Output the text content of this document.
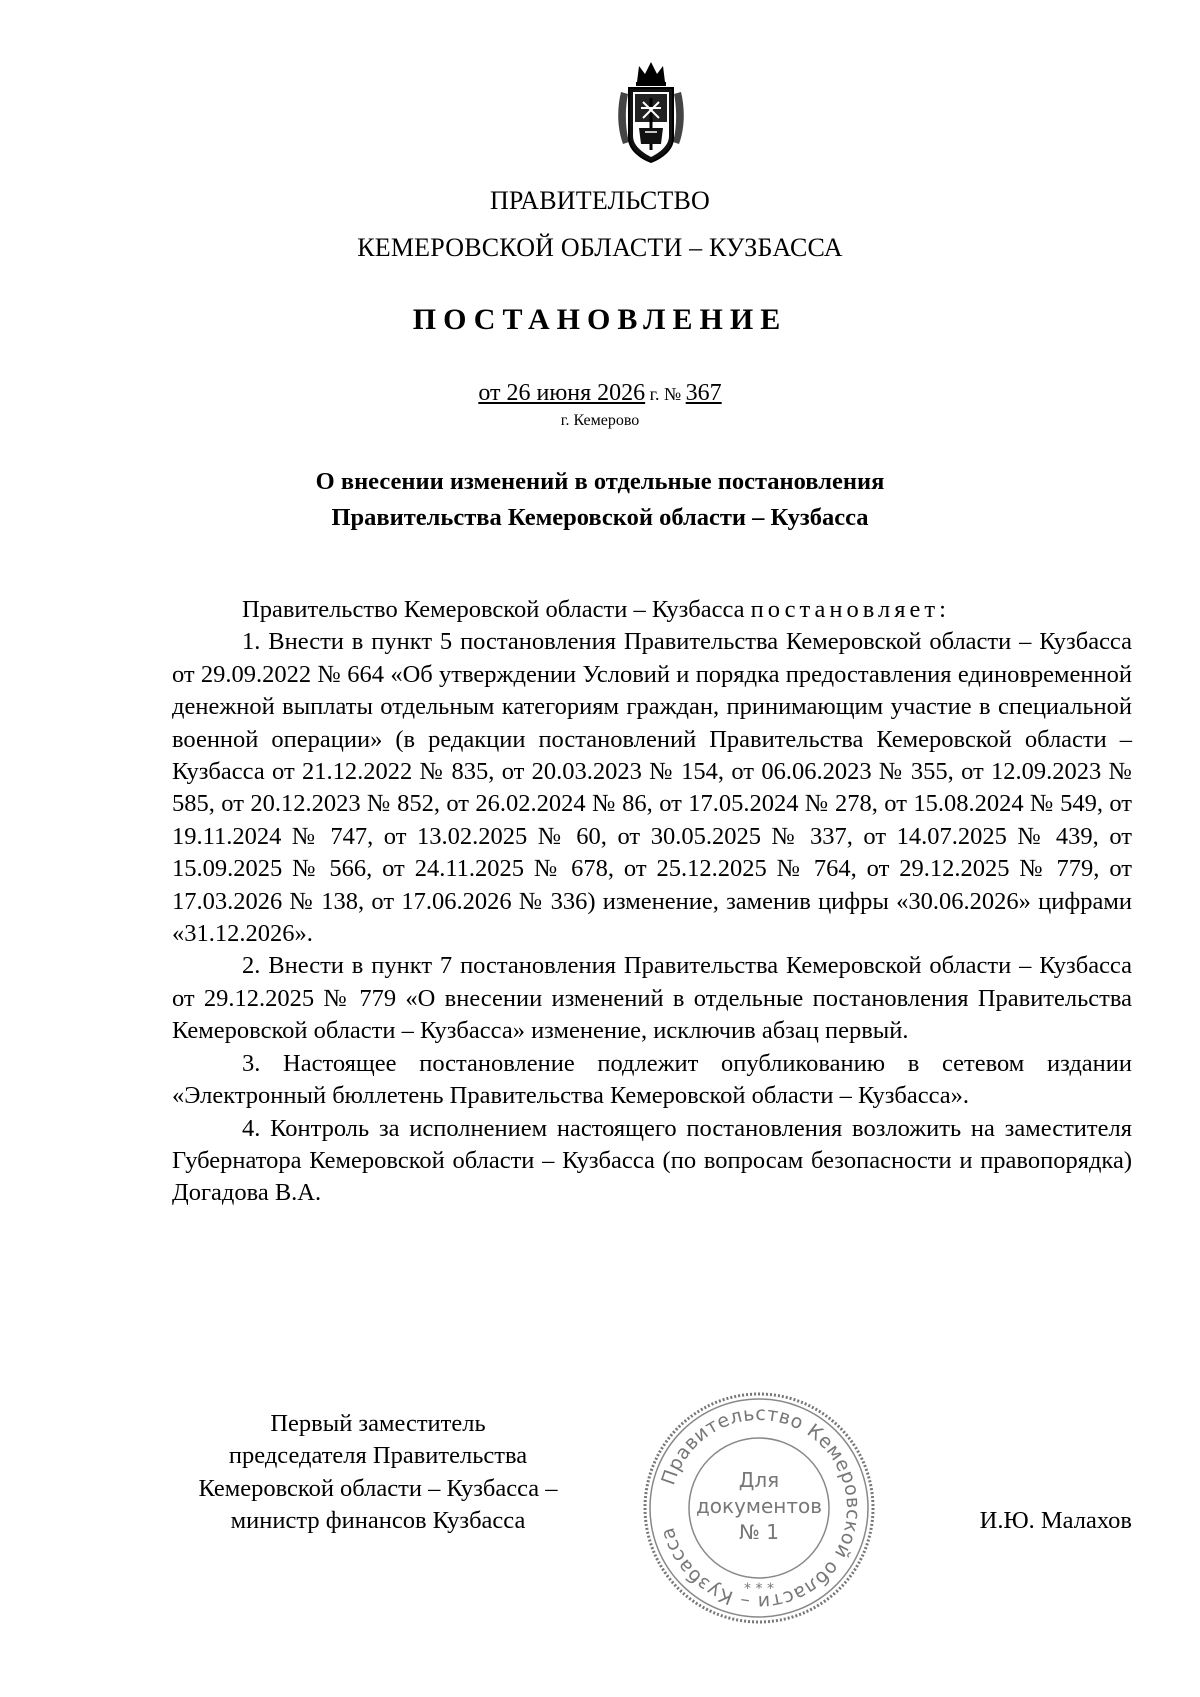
ПРАВИТЕЛЬСТВО
КЕМЕРОВСКОЙ ОБЛАСТИ – КУЗБАССА
ПОСТАНОВЛЕНИЕ
от 26 июня 2026 г. № 367
г. Кемерово
О внесении изменений в отдельные постановления
Правительства Кемеровской области – Кузбасса

Правительство Кемеровской области – Кузбасса постановляет:

1. Внести в пункт 5 постановления Правительства Кемеровской области – Кузбасса от 29.09.2022 № 664 «Об утверждении Условий и порядка предоставления единовременной денежной выплаты отдельным категориям граждан, принимающим участие в специальной военной операции» (в редакции постановлений Правительства Кемеровской области – Кузбасса от 21.12.2022 № 835, от 20.03.2023 № 154, от 06.06.2023 № 355, от 12.09.2023 № 585, от 20.12.2023 № 852, от 26.02.2024 № 86, от 17.05.2024 № 278, от 15.08.2024 № 549, от 19.11.2024 № 747, от 13.02.2025 № 60, от 30.05.2025 № 337, от 14.07.2025 № 439, от 15.09.2025 № 566, от 24.11.2025 № 678, от 25.12.2025 № 764, от 29.12.2025 № 779, от 17.03.2026 № 138, от 17.06.2026 № 336) изменение, заменив цифры «30.06.2026» цифрами «31.12.2026».

2. Внести в пункт 7 постановления Правительства Кемеровской области – Кузбасса от 29.12.2025 № 779 «О внесении изменений в отдельные постановления Правительства Кемеровской области – Кузбасса» изменение, исключив абзац первый.

3. Настоящее постановление подлежит опубликованию в сетевом издании «Электронный бюллетень Правительства Кемеровской области – Кузбасса».

4. Контроль за исполнением настоящего постановления возложить на заместителя Губернатора Кемеровской области – Кузбасса (по вопросам безопасности и правопорядка) Догадова В.А.

Первый заместитель
председателя Правительства
Кемеровской области – Кузбасса –
министр финансов Кузбасса	И.Ю. Малахов
Правительство Кемеровской области – Кузбасса
* * *
Для
документов
№ 1
